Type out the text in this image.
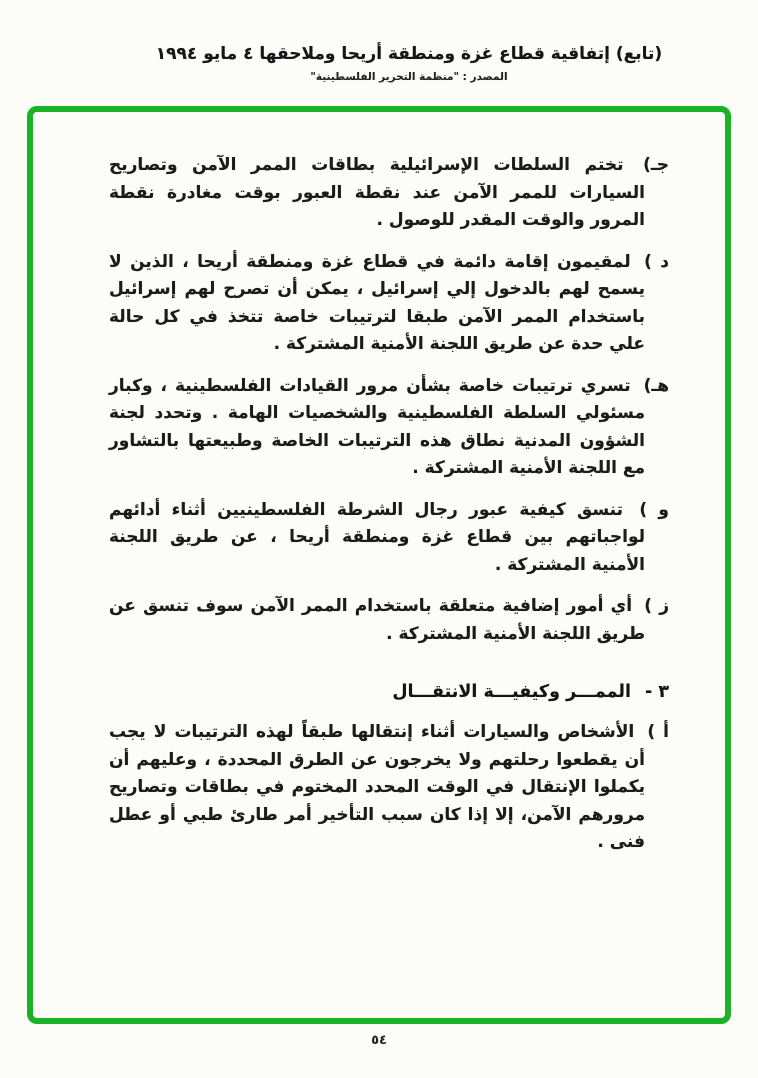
(تابع) إتفاقية قطاع غزة ومنطقة أريحا وملاحقها ٤ مايو ١٩٩٤
المصدر : "منظمة التحرير الفلسطينية"

جـ) تختم السلطات الإسرائيلية بطاقات الممر الآمن وتصاريح السيارات للممر الآمن عند نقطة العبور بوقت مغادرة نقطة المرور والوقت المقدر للوصول .

د ) لمقيمون إقامة دائمة في قطاع غزة ومنطقة أريحا ، الذين لا يسمح لهم بالدخول إلي إسرائيل ، يمكن أن تصرح لهم إسرائيل باستخدام الممر الآمن طبقا لترتيبات خاصة تتخذ في كل حالة علي حدة عن طريق اللجنة الأمنية المشتركة .

هـ) تسري ترتيبات خاصة بشأن مرور القيادات الفلسطينية ، وكبار مسئولي السلطة الفلسطينية والشخصيات الهامة . وتحدد لجنة الشؤون المدنية نطاق هذه الترتيبات الخاصة وطبيعتها بالتشاور مع اللجنة الأمنية المشتركة .

و ) تنسق كيفية عبور رجال الشرطة الفلسطينيين أثناء أدائهم لواجباتهم بين قطاع غزة ومنطقة أريحا ، عن طريق اللجنة الأمنية المشتركة .

ز ) أي أمور إضافية متعلقة باستخدام الممر الآمن سوف تنسق عن طريق اللجنة الأمنية المشتركة .

٣ -الممـــر وكيفيـــة الانتقـــال

أ ) الأشخاص والسيارات أثناء إنتقالها طبقاً لهذه الترتيبات لا يجب أن يقطعوا رحلتهم ولا يخرجون عن الطرق المحددة ، وعليهم أن يكملوا الإنتقال في الوقت المحدد المختوم في بطاقات وتصاريح مرورهم الآمن، إلا إذا كان سبب التأخير أمر طارئ طبي أو عطل فنى .

٥٤
